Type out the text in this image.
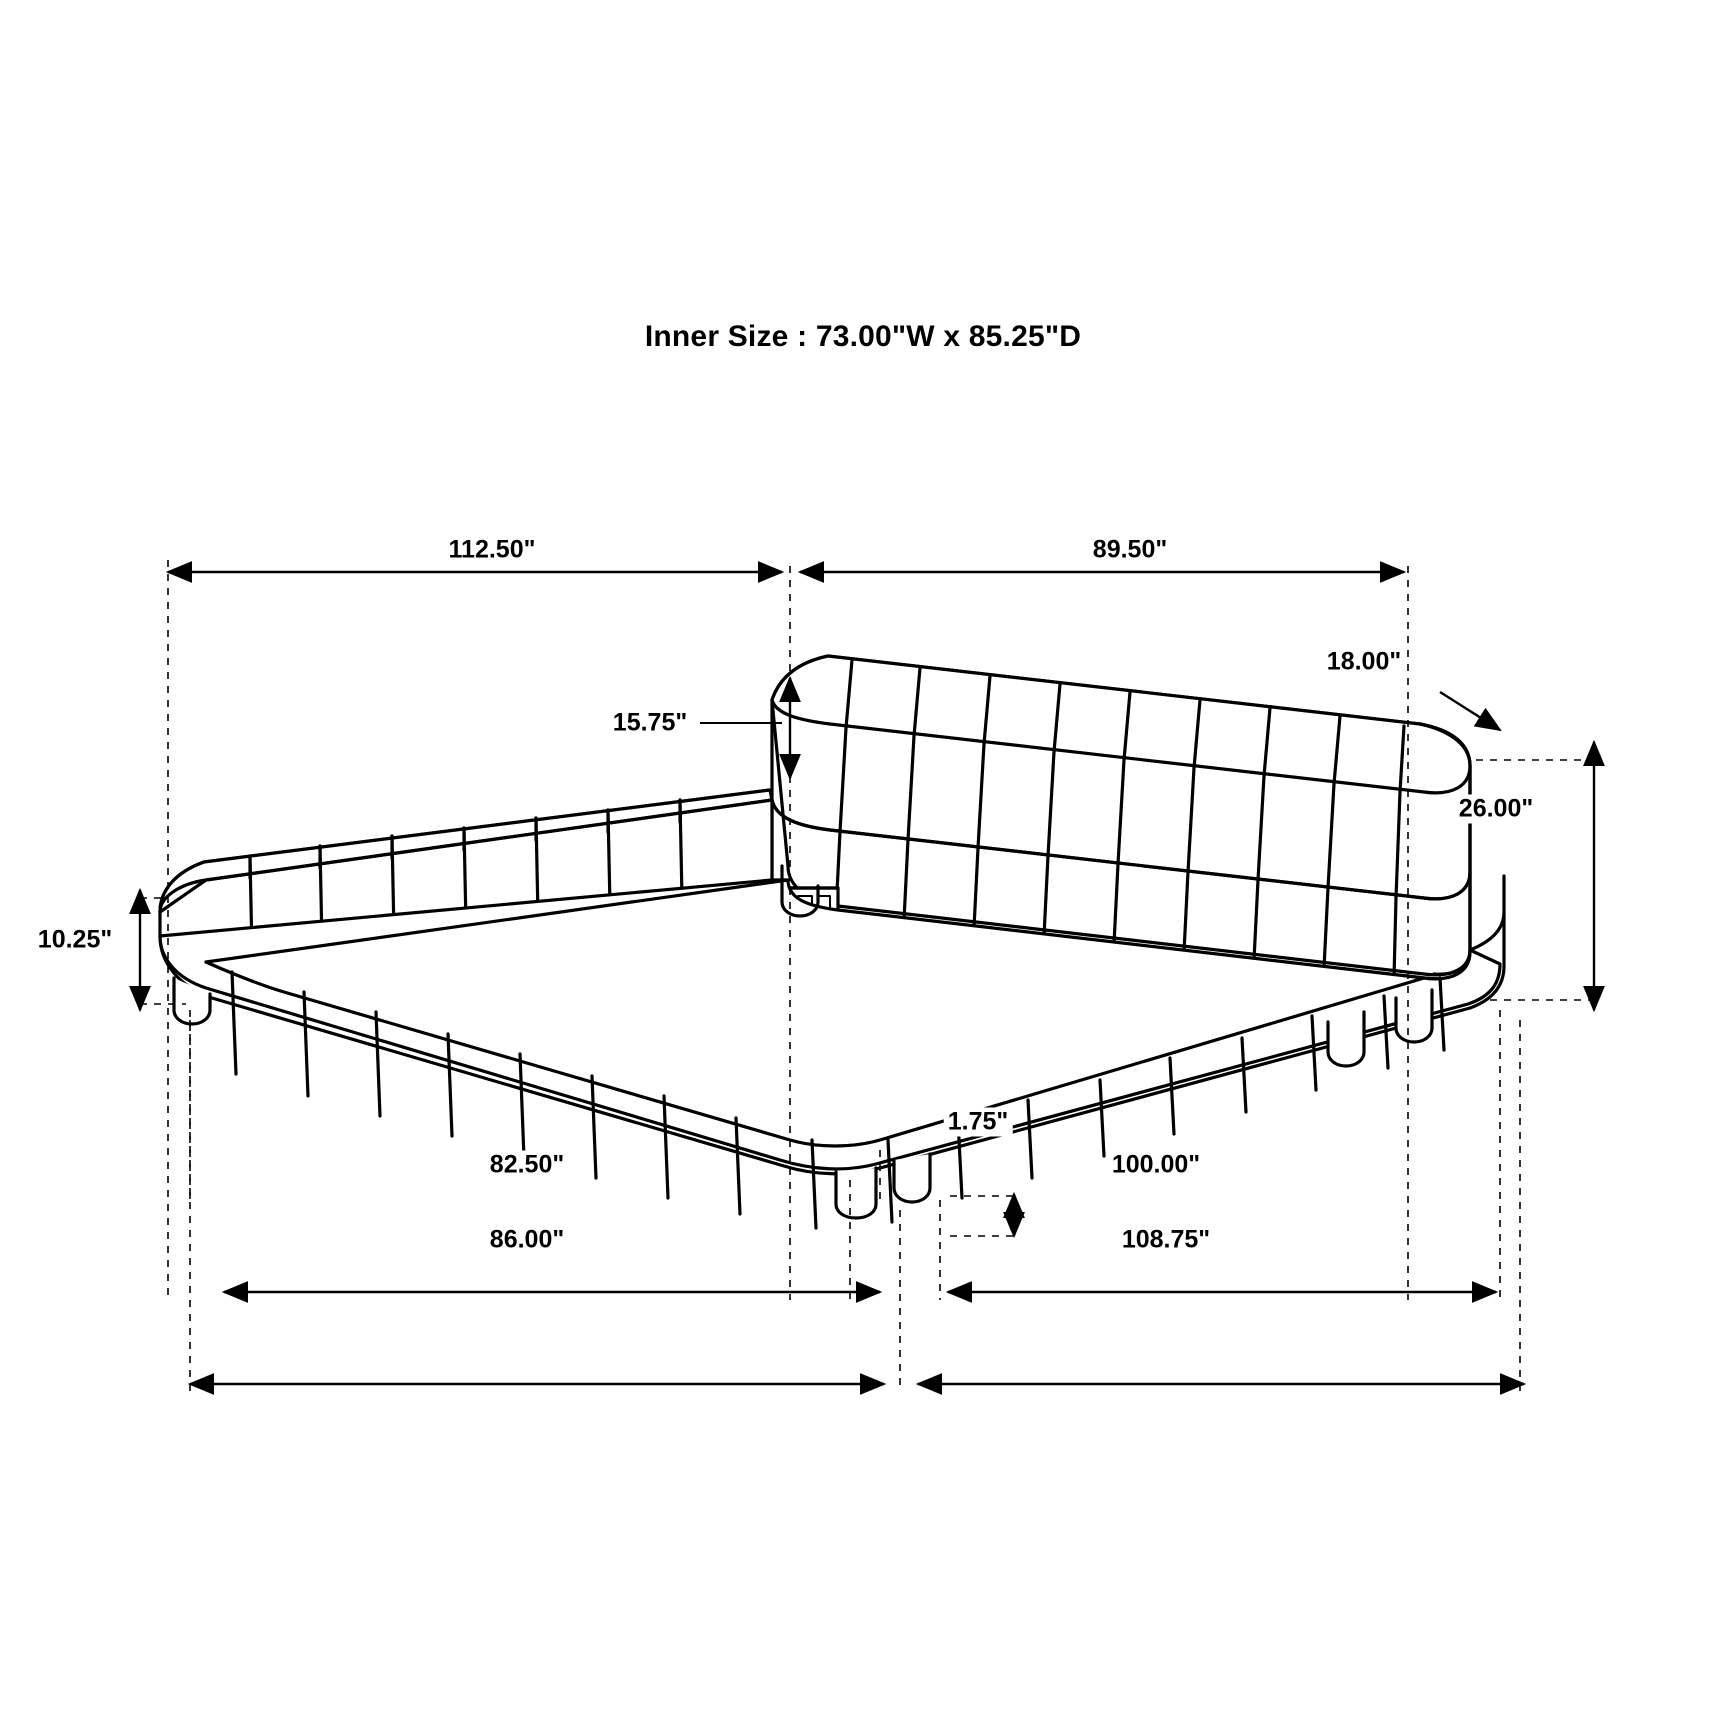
Inner Size : 73.00"W x 85.25"D
112.50"	89.50"
15.75"
18.00"
26.00"
10.25"
1.75"
82.50"	100.00"
86.00"	108.75"
